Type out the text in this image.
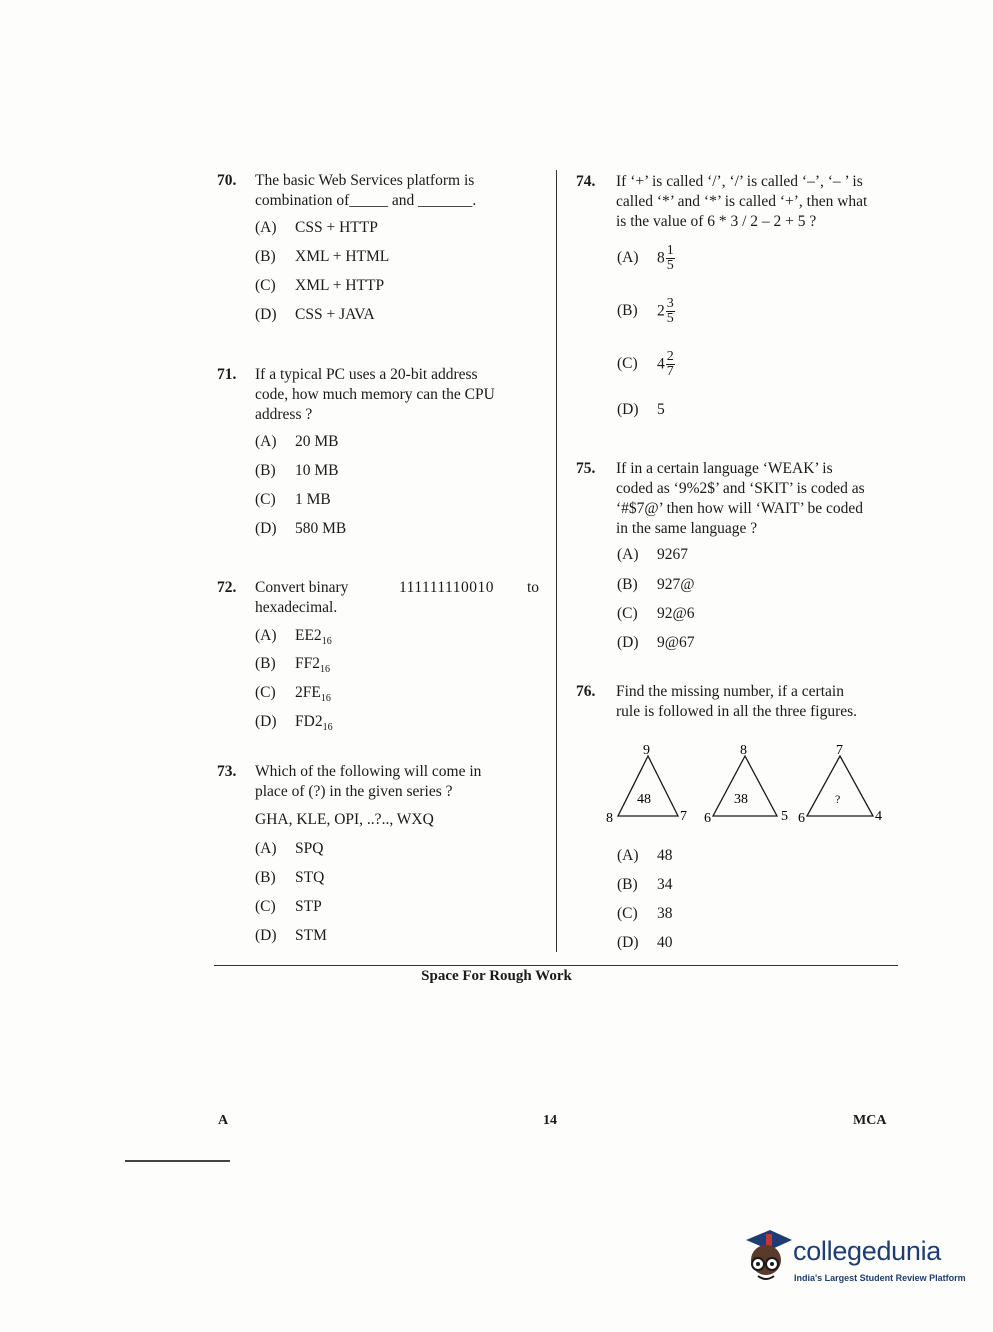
70. The basic Web Services platform is
combination of_____ and _______.
(A) CSS + HTTP
(B) XML + HTML
(C) XML + HTTP
(D) CSS + JAVA
71. If a typical PC uses a 20-bit address
code, how much memory can the CPU
address ?
(A) 20 MB
(B) 10 MB
(C) 1 MB
(D) 580 MB
72. Convert binary	111111110010 to
hexadecimal.
(A) $EE2_{16}$
(B) $FF2_{16}$
(C) $2FE_{16}$
(D) $FD2_{16}$
73. Which of the following will come in
place of (?) in the given series ?
GHA, KLE, OPI, ..?.., WXQ
(A) SPQ
(B) STQ
(C) STP
(D) STM
74. If ‘+’ is called ‘/’, ‘/’ is called ‘–’, ‘– ’ is
called ‘*’ and ‘*’ is called ‘+’, then what
is the value of 6 * 3 / 2 – 2 + 5 ?
(A) $8 \frac{1}{5}$
(B) $2 \frac{3}{5}$
(C) $4 \frac{2}{7}$
(D) 5
75. If in a certain language ‘WEAK’ is
coded as ‘9%2$’ and ‘SKIT’ is coded as
‘#$7@’ then how will ‘WAIT’ be coded
in the same language ?
(A) 9267
(B) 927@
(C) 92@6
(D) 9@67
76. Find the missing number, if a certain
rule is followed in all the three figures.
9
8	7
48
8
6	5
38
7
6	4
?
(A) 48
(B) 34
(C) 38
(D) 40
Space For Rough Work
A	14	MCA
collegedunia
India's Largest Student Review Platform
